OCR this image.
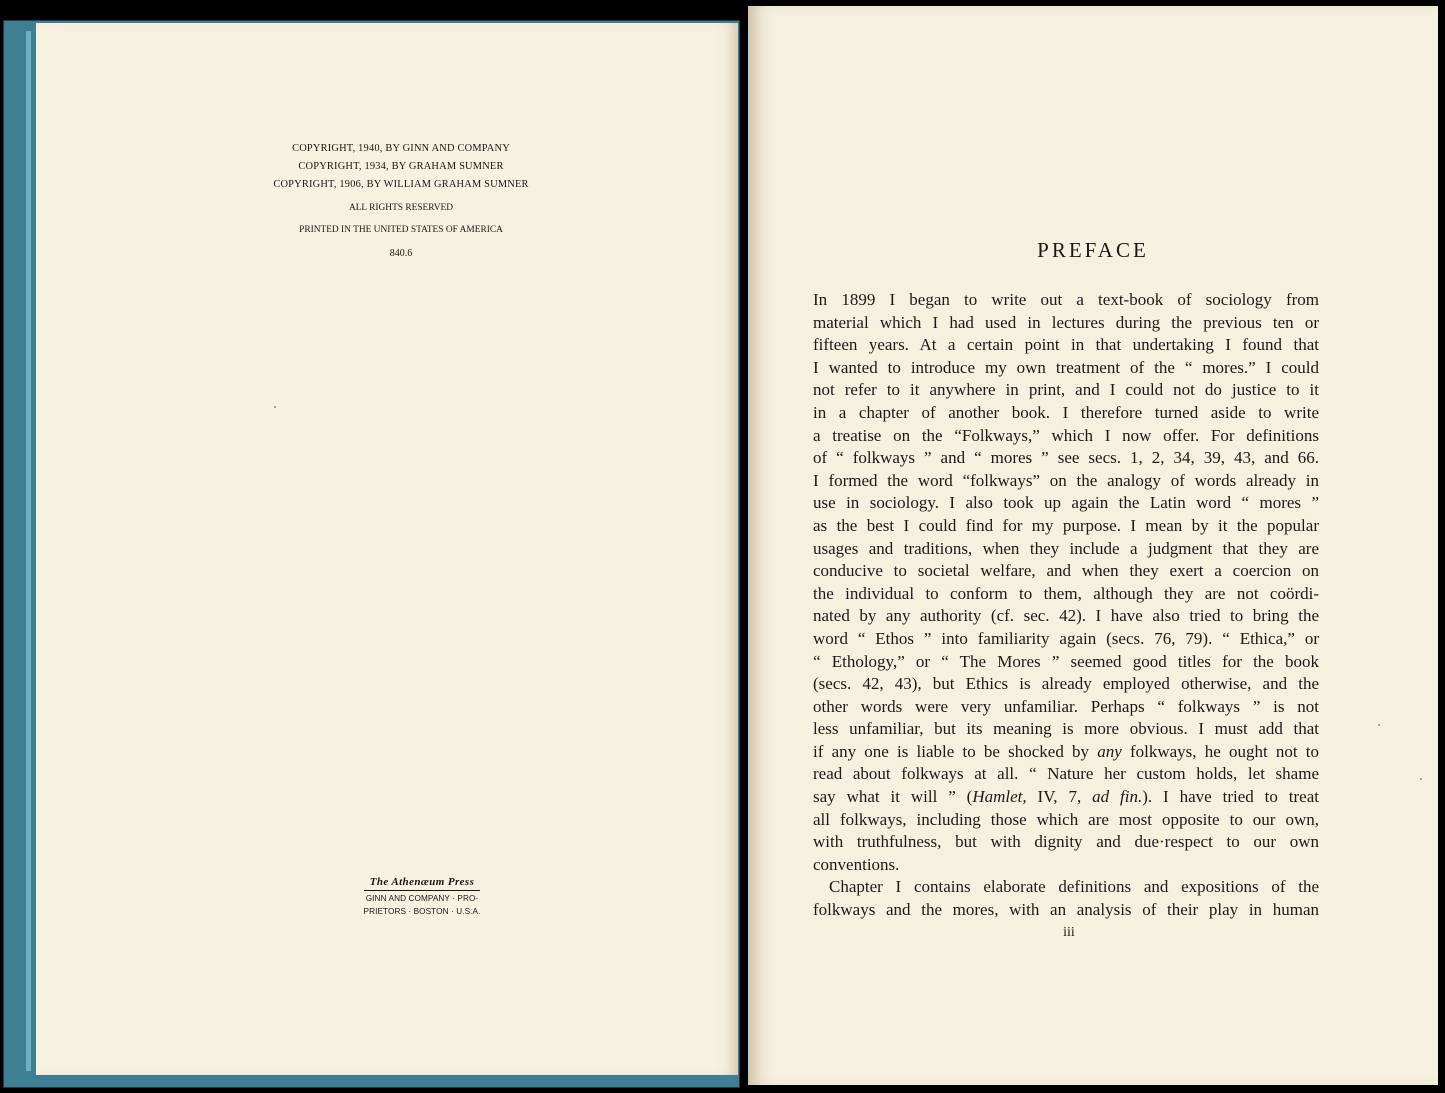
COPYRIGHT, 1940, BY GINN AND COMPANY
COPYRIGHT, 1934, BY GRAHAM SUMNER
COPYRIGHT, 1906, BY WILLIAM GRAHAM SUMNER
ALL RIGHTS RESERVED
PRINTED IN THE UNITED STATES OF AMERICA
840.6
The Athenæum Press
GINN AND COMPANY · PRO-
PRIETORS · BOSTON · U.S.A.
PREFACE
In 1899 I began to write out a text-book of sociology from
material which I had used in lectures during the previous ten or
fifteen years. At a certain point in that undertaking I found that
I wanted to introduce my own treatment of the “ mores.” I could
not refer to it anywhere in print, and I could not do justice to it
in a chapter of another book. I therefore turned aside to write
a treatise on the “Folkways,” which I now offer. For definitions
of “ folkways ” and “ mores ” see secs. 1, 2, 34, 39, 43, and 66.
I formed the word “folkways” on the analogy of words already in
use in sociology. I also took up again the Latin word “ mores ”
as the best I could find for my purpose. I mean by it the popular
usages and traditions, when they include a judgment that they are
conducive to societal welfare, and when they exert a coercion on
the individual to conform to them, although they are not coördi-
nated by any authority (cf. sec. 42). I have also tried to bring the
word “ Ethos ” into familiarity again (secs. 76, 79). “ Ethica,” or
“ Ethology,” or “ The Mores ” seemed good titles for the book
(secs. 42, 43), but Ethics is already employed otherwise, and the
other words were very unfamiliar. Perhaps “ folkways ” is not
less unfamiliar, but its meaning is more obvious. I must add that
if any one is liable to be shocked by any folkways, he ought not to
read about folkways at all. “ Nature her custom holds, let shame
say what it will ” (Hamlet, IV, 7, ad fin.). I have tried to treat
all folkways, including those which are most opposite to our own,
with truthfulness, but with dignity and due·respect to our own
conventions.
Chapter I contains elaborate definitions and expositions of the
folkways and the mores, with an analysis of their play in human
iii
